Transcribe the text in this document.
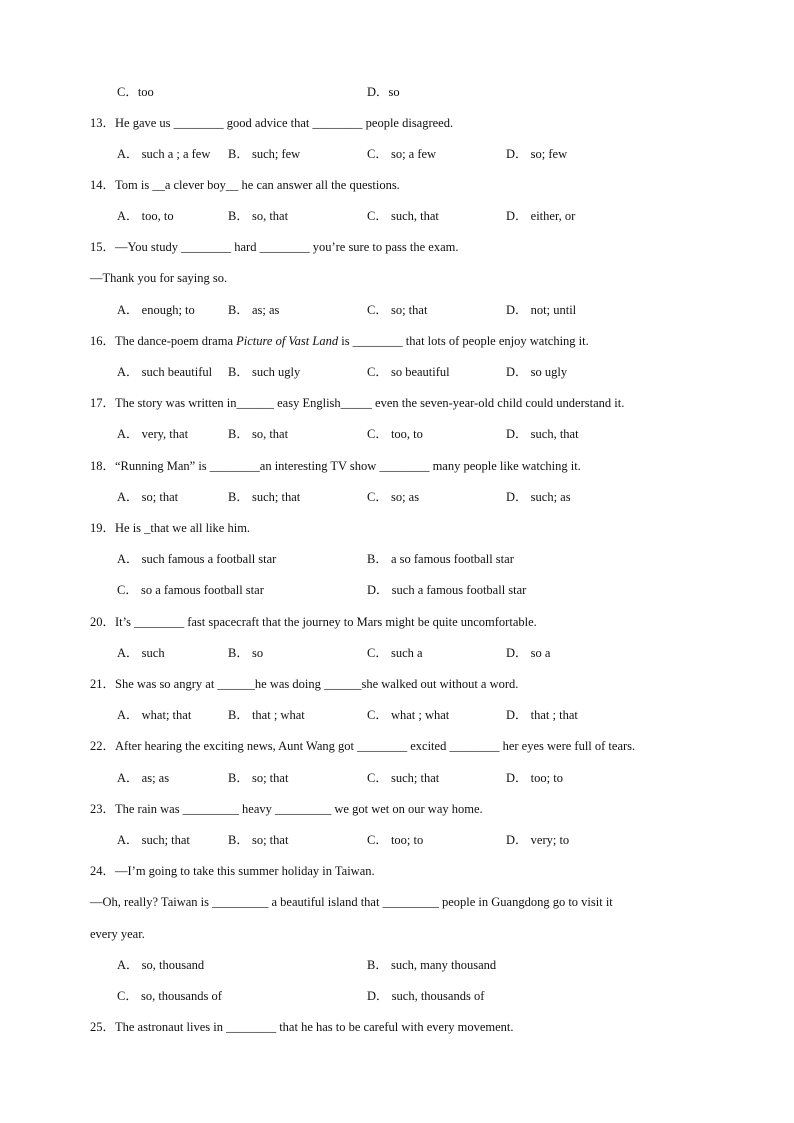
C．too	D．so
13．He gave us ________ good advice that ________ people disagreed.
A． such a ; a few B． such; few	C． so; a few	D． so; few
14．Tom is __a clever boy__ he can answer all the questions.
A． too, to	B． so, that	C． such, that	D． either, or
15．—You study ________ hard ________ you’re sure to pass the exam.
—Thank you for saying so.
A． enough; to	B． as; as	C． so; that	D． not; until
16．The dance-poem drama Picture of Vast Land is ________ that lots of people enjoy watching it.
A． such beautiful B． such ugly	C． so beautiful	D． so ugly
17．The story was written in______ easy English_____ even the seven-year-old child could understand it.
A． very, that	B． so, that	C． too, to	D． such, that
18．“Running Man” is ________an interesting TV show ________ many people like watching it.
A． so; that	B． such; that	C． so; as	D． such; as
19．He is _that we all like him.
A． such famous a football star	B． a so famous football star
C． so a famous football star	D． such a famous football star
20．It’s ________ fast spacecraft that the journey to Mars might be quite uncomfortable.
A． such	B． so	C． such a	D． so a
21．She was so angry at ______he was doing ______she walked out without a word.
A． what; that	B． that ; what	C． what ; what	D． that ; that
22．After hearing the exciting news, Aunt Wang got ________ excited ________ her eyes were full of tears.
A． as; as	B． so; that	C． such; that	D． too; to
23．The rain was _________ heavy _________ we got wet on our way home.
A． such; that	B． so; that	C． too; to	D． very; to
24．—I’m going to take this summer holiday in Taiwan.
—Oh, really? Taiwan is _________ a beautiful island that _________ people in Guangdong go to visit it
every year.
A． so, thousand	B． such, many thousand
C． so, thousands of	D． such, thousands of
25．The astronaut lives in ________ that he has to be careful with every movement.
